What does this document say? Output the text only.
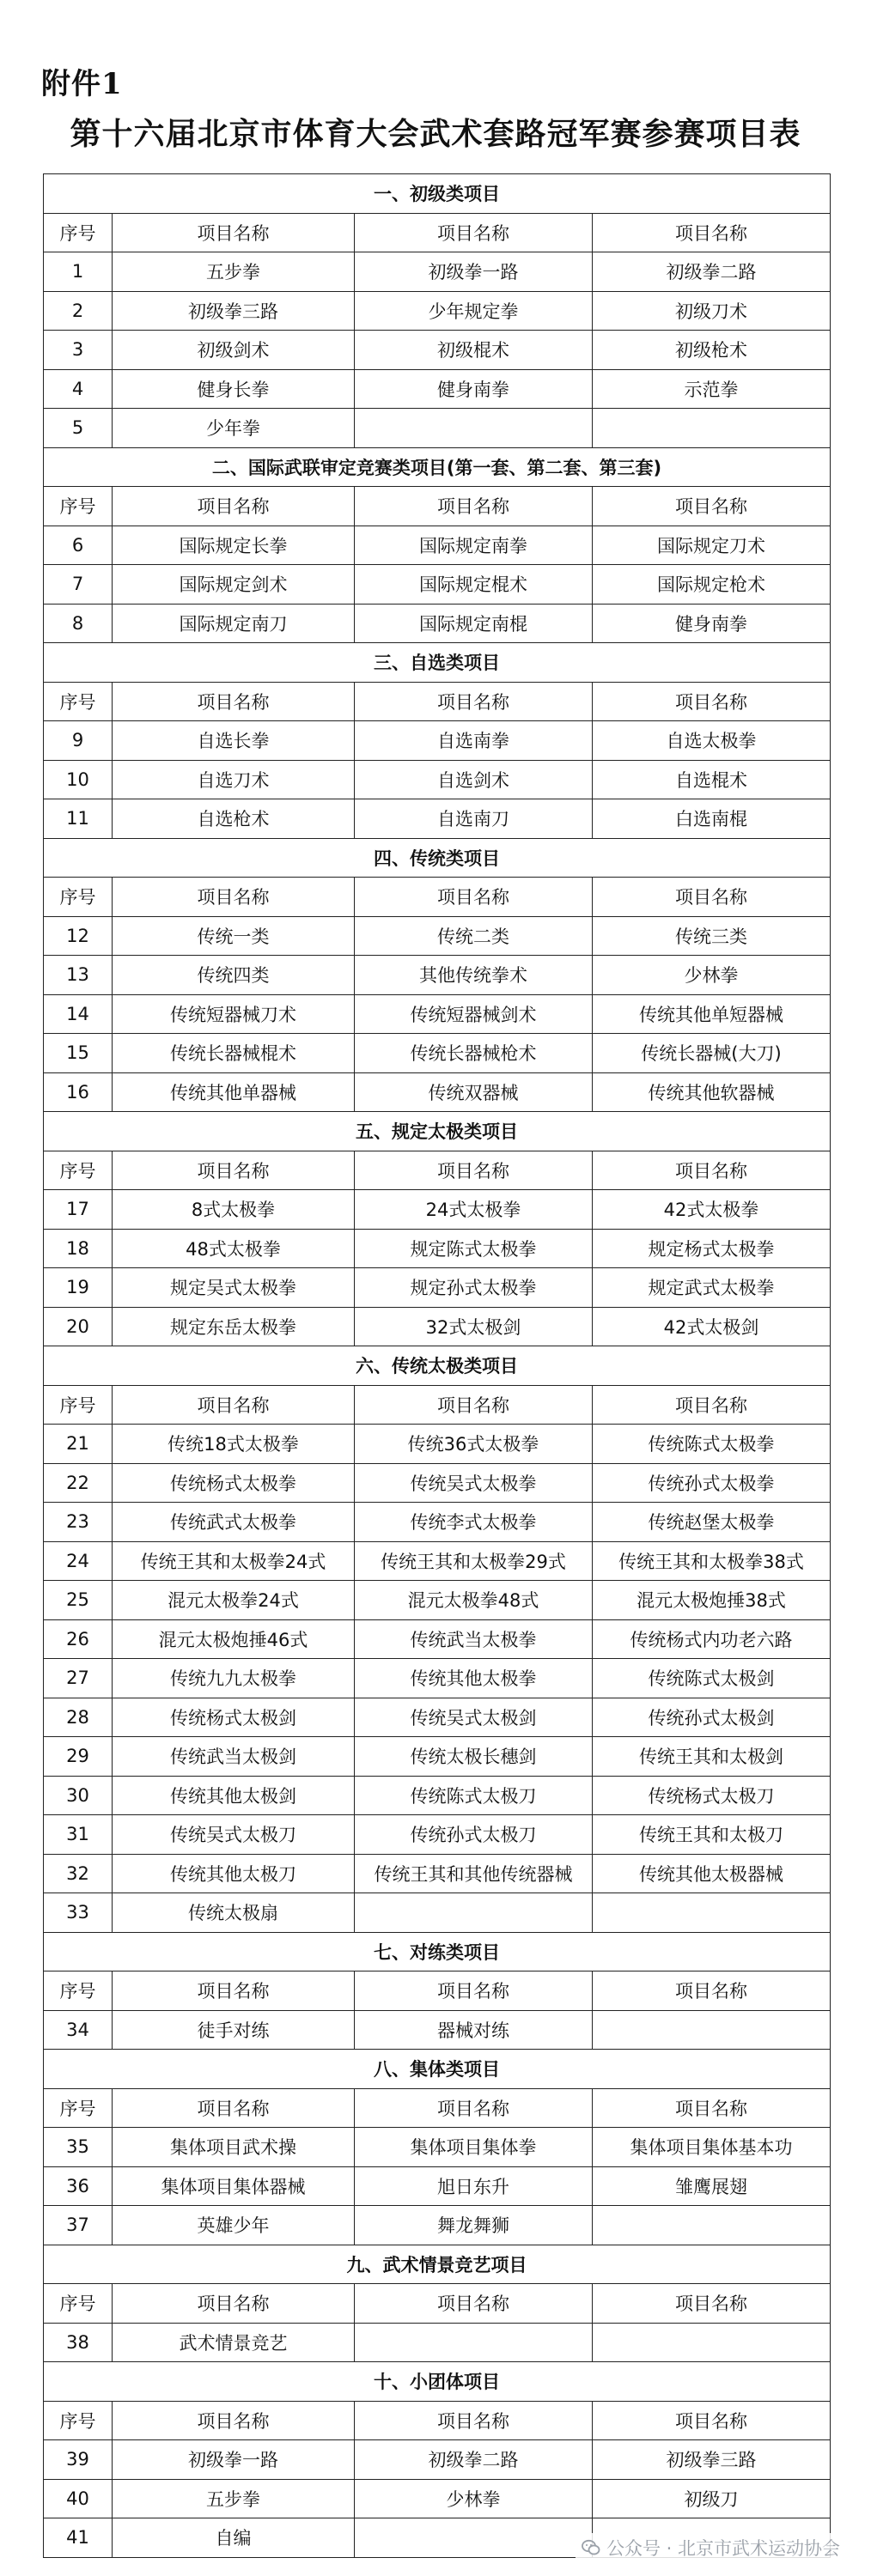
附件1
第十六届北京市体育大会武术套路冠军赛参赛项目表
一、初级类项目			
序号	项目名称	项目名称	项目名称
1	五步拳	初级拳一路	初级拳二路
2	初级拳三路	少年规定拳	初级刀术
3	初级剑术	初级棍术	初级枪术
4	健身长拳	健身南拳	示范拳
5	少年拳		
二、国际武联审定竞赛类项目(第一套、第二套、第三套)			
序号	项目名称	项目名称	项目名称
6	国际规定长拳	国际规定南拳	国际规定刀术
7	国际规定剑术	国际规定棍术	国际规定枪术
8	国际规定南刀	国际规定南棍	健身南拳
三、自选类项目			
序号	项目名称	项目名称	项目名称
9	自选长拳	自选南拳	自选太极拳
10	自选刀术	自选剑术	自选棍术
11	自选枪术	自选南刀	白选南棍
四、传统类项目			
序号	项目名称	项目名称	项目名称
12	传统一类	传统二类	传统三类
13	传统四类	其他传统拳术	少林拳
14	传统短器械刀术	传统短器械剑术	传统其他单短器械
15	传统长器械棍术	传统长器械枪术	传统长器械(大刀)
16	传统其他单器械	传统双器械	传统其他软器械
五、规定太极类项目			
序号	项目名称	项目名称	项目名称
17	8式太极拳	24式太极拳	42式太极拳
18	48式太极拳	规定陈式太极拳	规定杨式太极拳
19	规定吴式太极拳	规定孙式太极拳	规定武式太极拳
20	规定东岳太极拳	32式太极剑	42式太极剑
六、传统太极类项目			
序号	项目名称	项目名称	项目名称
21	传统18式太极拳	传统36式太极拳	传统陈式太极拳
22	传统杨式太极拳	传统吴式太极拳	传统孙式太极拳
23	传统武式太极拳	传统李式太极拳	传统赵堡太极拳
24	传统王其和太极拳24式	传统王其和太极拳29式	传统王其和太极拳38式
25	混元太极拳24式	混元太极拳48式	混元太极炮捶38式
26	混元太极炮捶46式	传统武当太极拳	传统杨式内功老六路
27	传统九九太极拳	传统其他太极拳	传统陈式太极剑
28	传统杨式太极剑	传统吴式太极剑	传统孙式太极剑
29	传统武当太极剑	传统太极长穗剑	传统王其和太极剑
30	传统其他太极剑	传统陈式太极刀	传统杨式太极刀
31	传统吴式太极刀	传统孙式太极刀	传统王其和太极刀
32	传统其他太极刀	传统王其和其他传统器械	传统其他太极器械
33	传统太极扇		
七、对练类项目			
序号	项目名称	项目名称	项目名称
34	徒手对练	器械对练	
八、集体类项目			
序号	项目名称	项目名称	项目名称
35	集体项目武术操	集体项目集体拳	集体项目集体基本功
36	集体项目集体器械	旭日东升	雏鹰展翅
37	英雄少年	舞龙舞狮	
九、武术情景竞艺项目			
序号	项目名称	项目名称	项目名称
38	武术情景竞艺		
十、小团体项目			
序号	项目名称	项目名称	项目名称
39	初级拳一路	初级拳二路	初级拳三路
40	五步拳	少林拳	初级刀
41	自编			公众号 · 北京市武术运动协会
